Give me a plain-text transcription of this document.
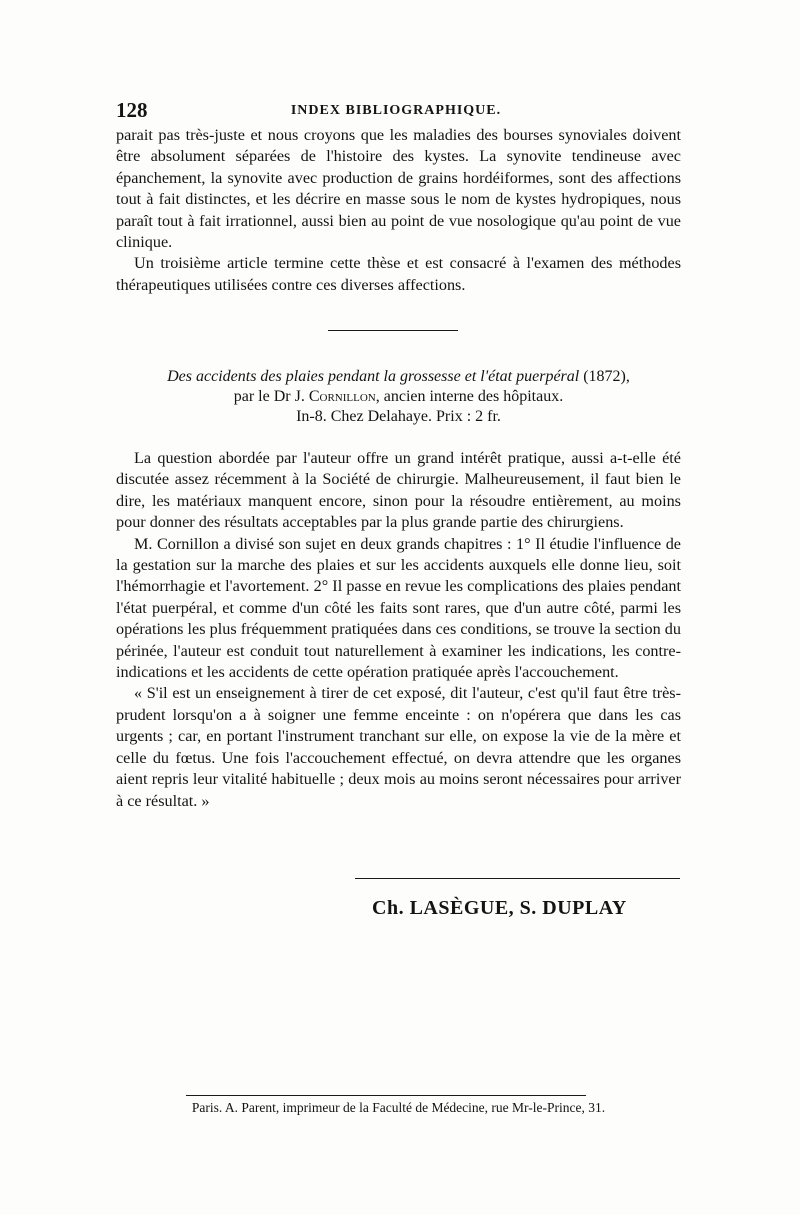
128	INDEX BIBLIOGRAPHIQUE.

parait pas très-juste et nous croyons que les maladies des bourses synoviales doivent être absolument séparées de l'histoire des kystes. La synovite tendineuse avec épanchement, la synovite avec production de grains hordéiformes, sont des affections tout à fait distinctes, et les décrire en masse sous le nom de kystes hydropiques, nous paraît tout à fait irrationnel, aussi bien au point de vue nosologique qu'au point de vue clinique.

Un troisième article termine cette thèse et est consacré à l'examen des méthodes thérapeutiques utilisées contre ces diverses affections.

Des accidents des plaies pendant la grossesse et l'état puerpéral (1872),
par le Dr J. Cornillon, ancien interne des hôpitaux.
In-8. Chez Delahaye. Prix : 2 fr.

La question abordée par l'auteur offre un grand intérêt pratique, aussi a-t-elle été discutée assez récemment à la Société de chirurgie. Malheureusement, il faut bien le dire, les matériaux manquent encore, sinon pour la résoudre entièrement, au moins pour donner des résultats acceptables par la plus grande partie des chirurgiens.

M. Cornillon a divisé son sujet en deux grands chapitres : 1° Il étudie l'influence de la gestation sur la marche des plaies et sur les accidents auxquels elle donne lieu, soit l'hémorrhagie et l'avortement. 2° Il passe en revue les complications des plaies pendant l'état puerpéral, et comme d'un côté les faits sont rares, que d'un autre côté, parmi les opérations les plus fréquemment pratiquées dans ces conditions, se trouve la section du périnée, l'auteur est conduit tout naturellement à examiner les indications, les contre-indications et les accidents de cette opération pratiquée après l'accouchement.

« S'il est un enseignement à tirer de cet exposé, dit l'auteur, c'est qu'il faut être très-prudent lorsqu'on a à soigner une femme enceinte : on n'opérera que dans les cas urgents ; car, en portant l'instrument tranchant sur elle, on expose la vie de la mère et celle du fœtus. Une fois l'accouchement effectué, on devra attendre que les organes aient repris leur vitalité habituelle ; deux mois au moins seront nécessaires pour arriver à ce résultat. »

Ch. LASÈGUE, S. DUPLAY
Paris. A. Parent, imprimeur de la Faculté de Médecine, rue Mr-le-Prince, 31.
